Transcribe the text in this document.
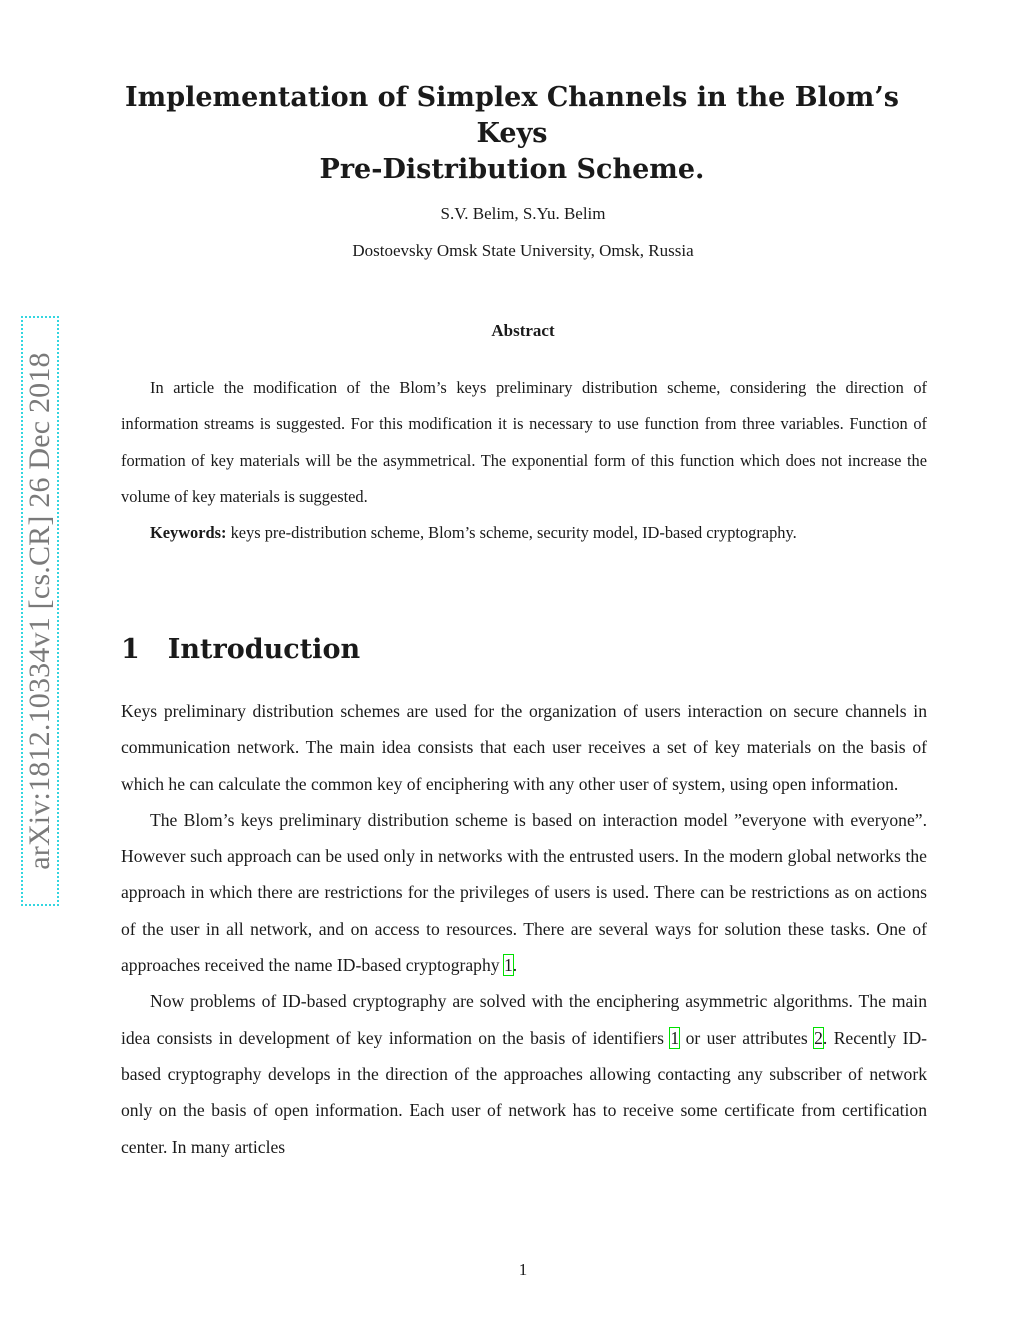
arXiv:1812.10334v1 [cs.CR] 26 Dec 2018
Implementation of Simplex Channels in the Blom’s Keys
Pre-Distribution Scheme.
S.V. Belim, S.Yu. Belim
Dostoevsky Omsk State University, Omsk, Russia
Abstract

In article the modification of the Blom’s keys preliminary distribution scheme, considering the direction of information streams is suggested. For this modification it is necessary to use function from three variables. Function of formation of key materials will be the asymmetrical. The exponential form of this function which does not increase the volume of key materials is suggested.

Keywords: keys pre-distribution scheme, Blom’s scheme, security model, ID-based cryptography.

1 Introduction

Keys preliminary distribution schemes are used for the organization of users interaction on secure channels in communication network. The main idea consists that each user receives a set of key materials on the basis of which he can calculate the common key of enciphering with any other user of system, using open information.

The Blom’s keys preliminary distribution scheme is based on interaction model ”everyone with everyone”. However such approach can be used only in networks with the entrusted users. In the modern global networks the approach in which there are restrictions for the privileges of users is used. There can be restrictions as on actions of the user in all network, and on access to resources. There are several ways for solution these tasks. One of approaches received the name ID-based cryptography 1.

Now problems of ID-based cryptography are solved with the enciphering asymmetric algorithms. The main idea consists in development of key information on the basis of identifiers 1 or user attributes 2. Recently ID-based cryptography develops in the direction of the approaches allowing contacting any subscriber of network only on the basis of open information. Each user of network has to receive some certificate from certification center. In many articles

1
